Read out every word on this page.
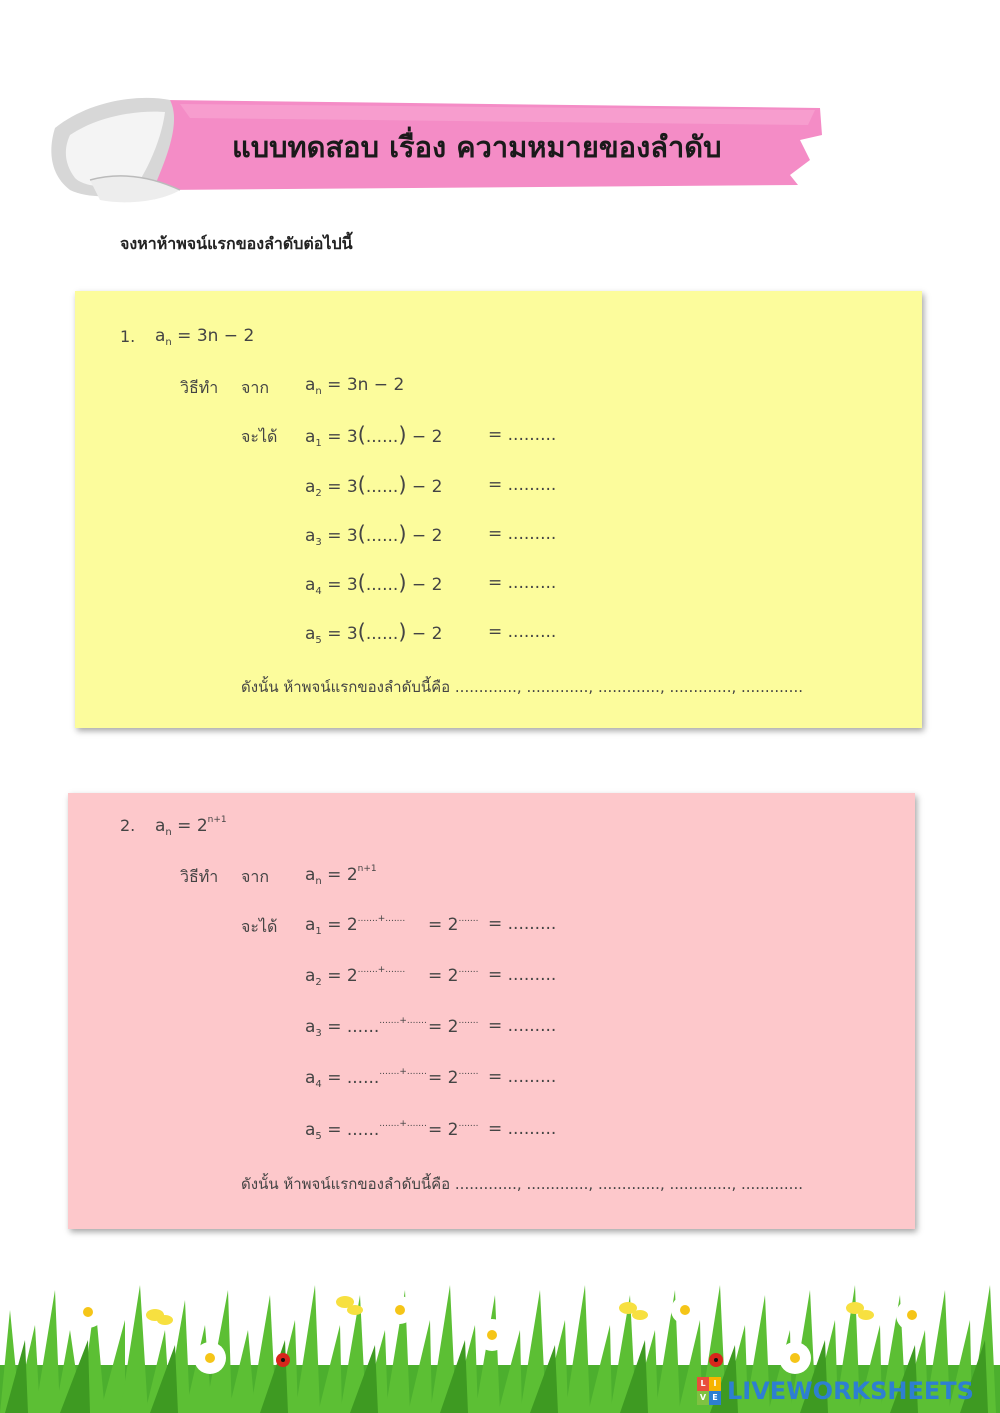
แบบทดสอบ เรื่อง ความหมายของลำดับ
จงหาห้าพจน์แรกของลำดับต่อไปนี้
1. $a_n = 3n - 2$
วิธีทำ จาก $a_n = 3n - 2$
จะได้ $a_1 = 3(......) - 2$	= .........
$a_2 = 3(......) - 2$	= .........
$a_3 = 3(......) - 2$	= .........
$a_4 = 3(......) - 2$	= .........
$a_5 = 3(......) - 2$	= .........
ดังนั้น ห้าพจน์แรกของลำดับนี้คือ ............., ............., ............., ............., .............
2. $a_n = 2^{n+1}$
วิธีทำ จาก $a_n = 2^{n+1}$
จะได้ $a_1 = 2^{.......+.......} = 2^{.......}$ = .........
$a_2 = 2^{.......+.......} = 2^{.......}$ = .........
$a_3 = ......^{.......+.......} = 2^{.......}$ = .........
$a_4 = ......^{.......+.......} = 2^{.......}$ = .........
$a_5 = ......^{.......+.......} = 2^{.......}$ = .........
ดังนั้น ห้าพจน์แรกของลำดับนี้คือ ............., ............., ............., ............., .............
L I
V E LIVEWORKSHEETS
